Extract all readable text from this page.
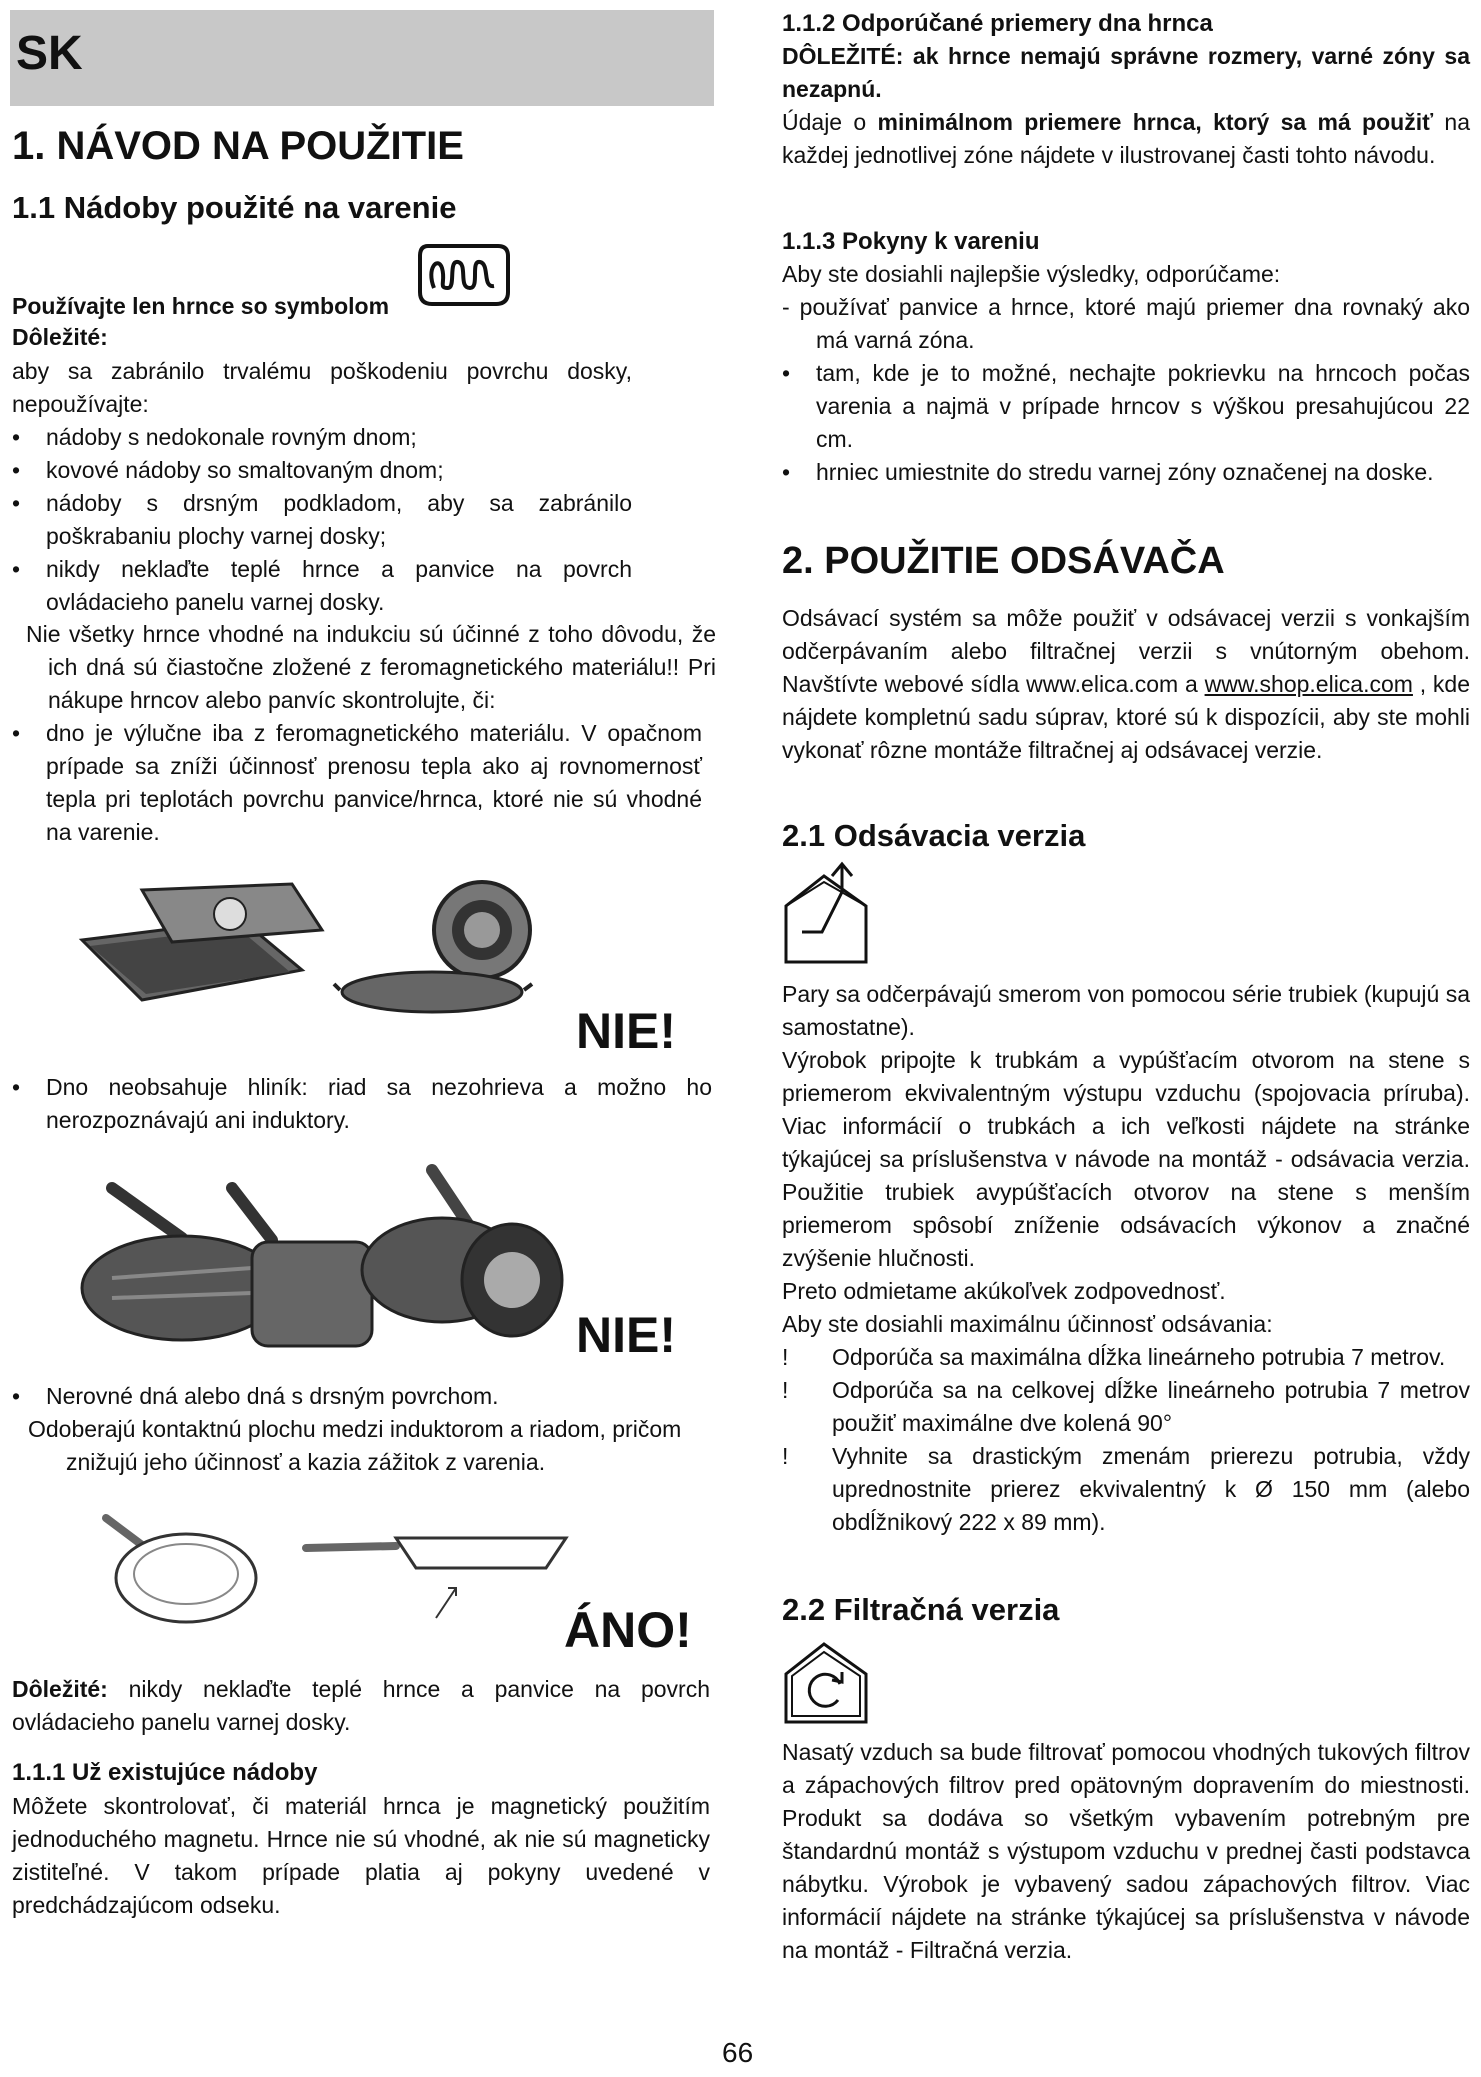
SK
1. NÁVOD NA POUŽITIE
1.1 Nádoby použité na varenie

Používajte len hrnce so symbolom

Dôležité:

aby sa zabránilo trvalému poškodeniu povrchu dosky, nepoužívajte:

• nádoby s nedokonale rovným dnom;

• kovové nádoby so smaltovaným dnom;

• nádoby s drsným podkladom, aby sa zabránilo poškrabaniu plochy varnej dosky;

• nikdy neklaďte teplé hrnce a panvice na povrch ovládacieho panelu varnej dosky.

Nie všetky hrnce vhodné na indukciu sú účinné z toho dôvodu, že ich dná sú čiastočne zložené z feromagnetického materiálu!! Pri nákupe hrncov alebo panvíc skontrolujte, či:

• dno je výlučne iba z feromagnetického materiálu. V opačnom prípade sa zníži účinnosť prenosu tepla ako aj rovnomernosť tepla pri teplotách povrchu panvice/hrnca, ktoré nie sú vhodné na varenie.

NIE!

• Dno neobsahuje hliník: riad sa nezohrieva a možno ho nerozpoznávajú ani induktory.

NIE!

• Nerovné dná alebo dná s drsným povrchom.

Odoberajú kontaktnú plochu medzi induktorom a riadom, pričom znižujú jeho účinnosť a kazia zážitok z varenia.

ÁNO!

Dôležité: nikdy neklaďte teplé hrnce a panvice na povrch ovládacieho panelu varnej dosky.

1.1.1 Už existujúce nádoby

Môžete skontrolovať, či materiál hrnca je magnetický použitím jednoduchého magnetu. Hrnce nie sú vhodné, ak nie sú magneticky zistiteľné. V takom prípade platia aj pokyny uvedené v predchádzajúcom odseku.

1.1.2 Odporúčané priemery dna hrnca

DÔLEŽITÉ: ak hrnce nemajú správne rozmery, varné zóny sa nezapnú.

Údaje o minimálnom priemere hrnca, ktorý sa má použiť na každej jednotlivej zóne nájdete v ilustrovanej časti tohto návodu.

1.1.3 Pokyny k vareniu

Aby ste dosiahli najlepšie výsledky, odporúčame:

- používať panvice a hrnce, ktoré majú priemer dna rovnaký ako má varná zóna.

• tam, kde je to možné, nechajte pokrievku na hrncoch počas varenia a najmä v prípade hrncov s výškou presahujúcou 22 cm.

• hrniec umiestnite do stredu varnej zóny označenej na doske.

2. POUŽITIE ODSÁVAČA

Odsávací systém sa môže použiť v odsávacej verzii s vonkajším odčerpávaním alebo filtračnej verzii s vnútorným obehom. Navštívte webové sídla www.elica.com a www.shop.elica.com , kde nájdete kompletnú sadu súprav, ktoré sú k dispozícii, aby ste mohli vykonať rôzne montáže filtračnej aj odsávacej verzie.

2.1 Odsávacia verzia

Pary sa odčerpávajú smerom von pomocou série trubiek (kupujú sa samostatne).

Výrobok pripojte k trubkám a vypúšťacím otvorom na stene s priemerom ekvivalentným výstupu vzduchu (spojovacia príruba). Viac informácií o trubkách a ich veľkosti nájdete na stránke týkajúcej sa príslušenstva v návode na montáž - odsávacia verzia. Použitie trubiek avypúšťacích otvorov na stene s menším priemerom spôsobí zníženie odsávacích výkonov a značné zvýšenie hlučnosti.

Preto odmietame akúkoľvek zodpovednosť.

Aby ste dosiahli maximálnu účinnosť odsávania:

! Odporúča sa maximálna dĺžka lineárneho potrubia 7 metrov.

! Odporúča sa na celkovej dĺžke lineárneho potrubia 7 metrov použiť maximálne dve kolená 90°

! Vyhnite sa drastickým zmenám prierezu potrubia, vždy uprednostnite prierez ekvivalentný k Ø 150 mm (alebo obdĺžnikový 222 x 89 mm).

2.2 Filtračná verzia

Nasatý vzduch sa bude filtrovať pomocou vhodných tukových filtrov a zápachových filtrov pred opätovným dopravením do miestnosti. Produkt sa dodáva so všetkým vybavením potrebným pre štandardnú montáž s výstupom vzduchu v prednej časti podstavca nábytku. Výrobok je vybavený sadou zápachových filtrov. Viac informácií nájdete na stránke týkajúcej sa príslušenstva v návode na montáž - Filtračná verzia.

66
